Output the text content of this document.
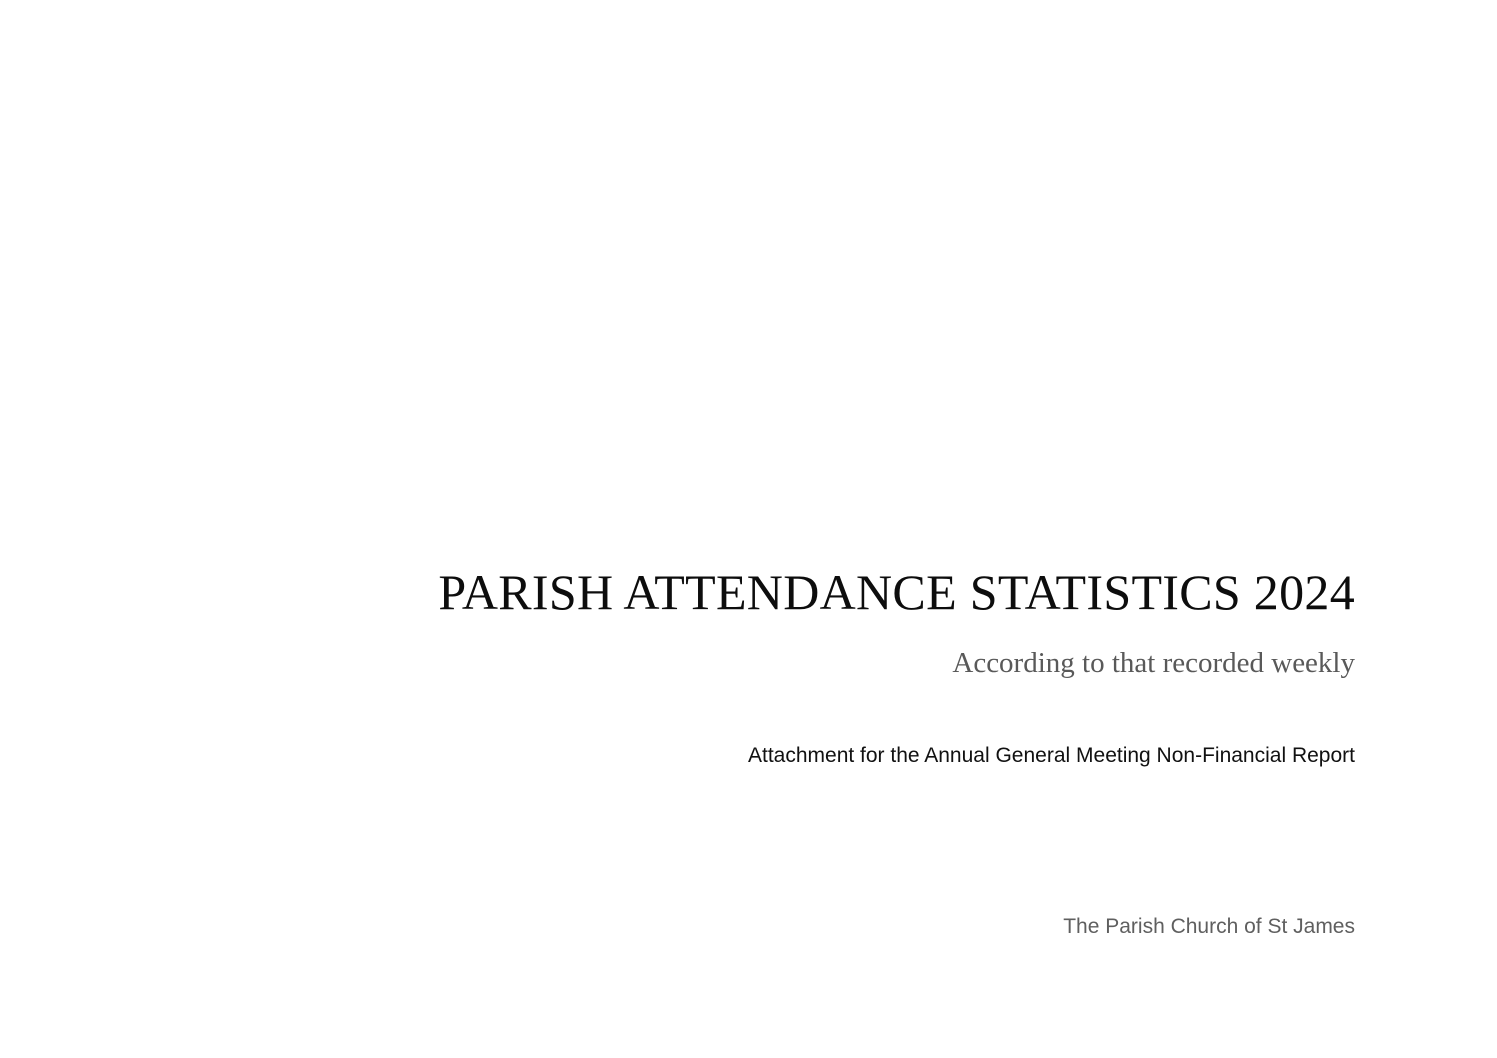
PARISH ATTENDANCE STATISTICS 2024
According to that recorded weekly
Attachment for the Annual General Meeting Non-Financial Report
The Parish Church of St James
